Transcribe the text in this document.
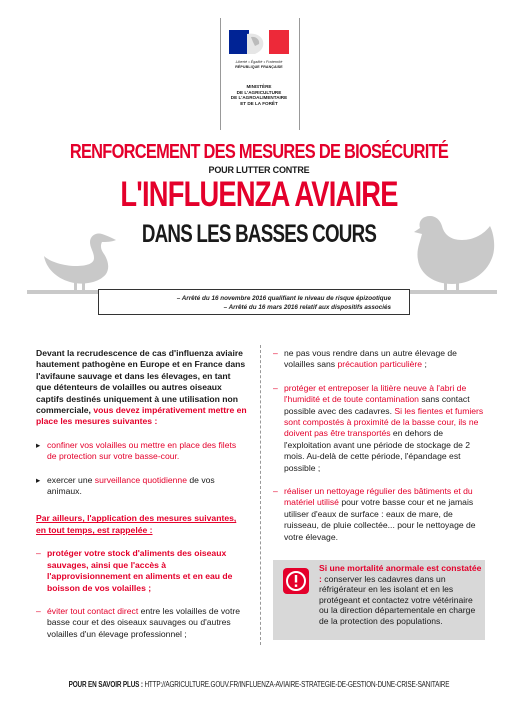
Liberté • Égalité • Fraternité
RÉPUBLIQUE FRANÇAISE
MINISTÈRE
DE L'AGRICULTURE
DE L'AGROALIMENTAIRE
ET DE LA FORÊT
RENFORCEMENT DES MESURES DE BIOSÉCURITÉ
POUR LUTTER CONTRE
L'INFLUENZA AVIAIRE
DANS LES BASSES COURS
– Arrêté du 16 novembre 2016 qualifiant le niveau de risque épizootique
– Arrêté du 16 mars 2016 relatif aux dispositifs associés

Devant la recrudescence de cas d'influenza aviaire hautement pathogène en Europe et en France dans l'avifaune sauvage et dans les élevages, en tant que détenteurs de volailles ou autres oiseaux captifs destinés uniquement à une utilisation non commerciale, vous devez impérativement mettre en place les mesures suivantes :

▸ confiner vos volailles ou mettre en place des filets de protection sur votre basse-cour.

▸ exercer une surveillance quotidienne de vos animaux.

Par ailleurs, l'application des mesures suivantes, en tout temps, est rappelée :

– protéger votre stock d'aliments des oiseaux sauvages, ainsi que l'accès à l'approvisionnement en aliments et en eau de boisson de vos volailles ;

– éviter tout contact direct entre les volailles de votre basse cour et des oiseaux sauvages ou d'autres volailles d'un élevage professionnel ;

– ne pas vous rendre dans un autre élevage de volailles sans précaution particulière ;

– protéger et entreposer la litière neuve à l'abri de l'humidité et de toute contamination sans contact possible avec des cadavres. Si les fientes et fumiers sont compostés à proximité de la basse cour, ils ne doivent pas être transportés en dehors de l'exploitation avant une période de stockage de 2 mois. Au-delà de cette période, l'épandage est possible ;

– réaliser un nettoyage régulier des bâtiments et du matériel utilisé pour votre basse cour et ne jamais utiliser d'eaux de surface : eaux de mare, de ruisseau, de pluie collectée... pour le nettoyage de votre élevage.

Si une mortalité anormale est constatée : conserver les cadavres dans un réfrigérateur en les isolant et en les protégeant et contactez votre vétérinaire ou la direction départementale en charge de la protection des populations.
POUR EN SAVOIR PLUS : HTTP://AGRICULTURE.GOUV.FR/INFLUENZA-AVIAIRE-STRATEGIE-DE-GESTION-DUNE-CRISE-SANITAIRE
